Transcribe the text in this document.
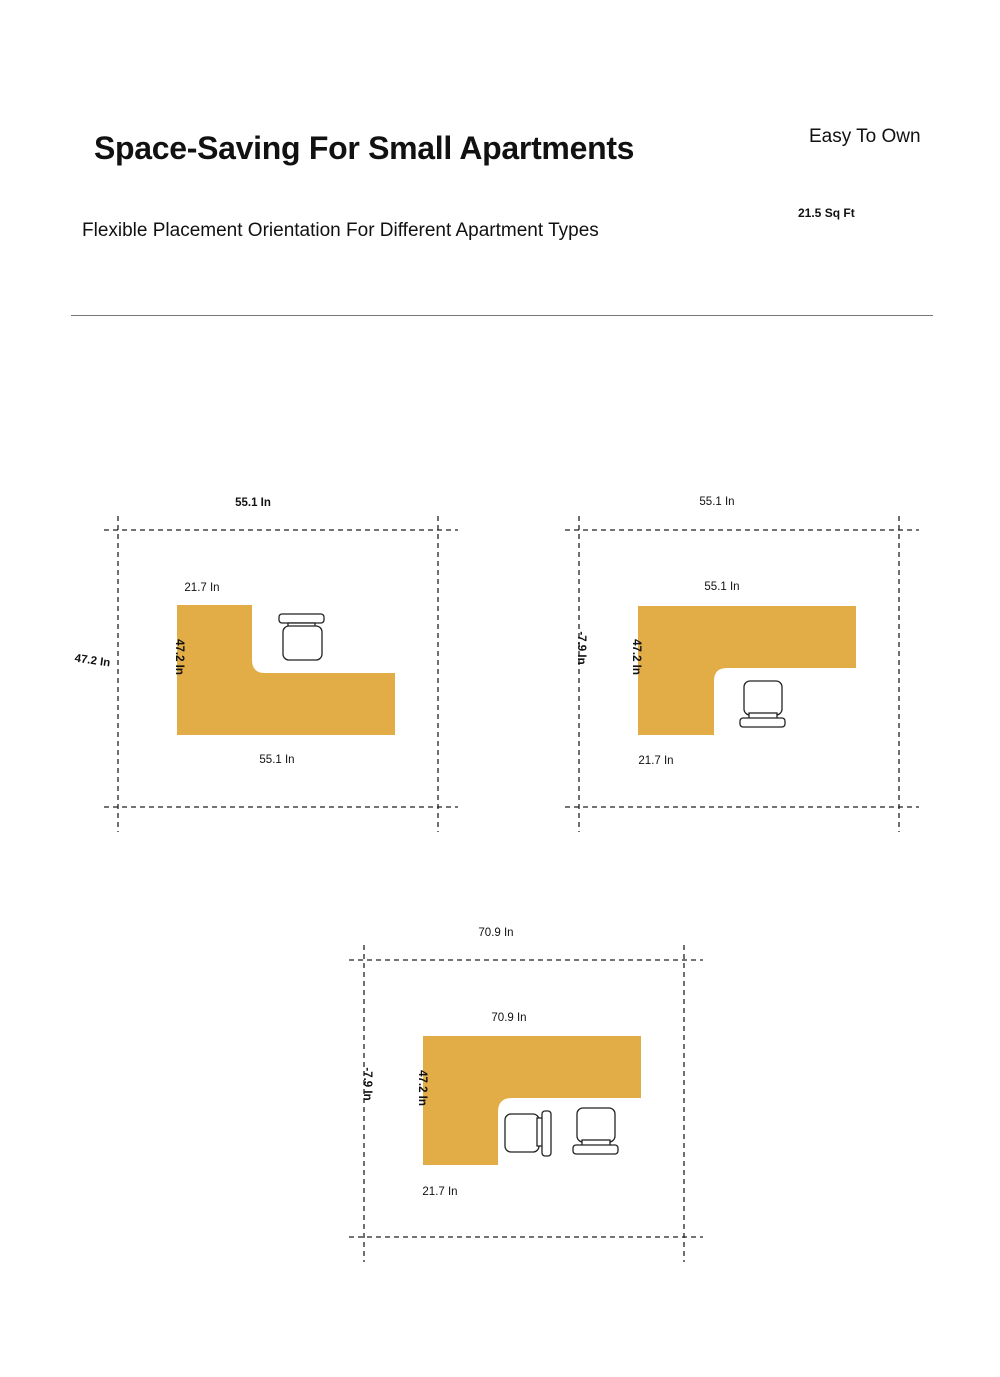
Space-Saving For Small Apartments
Flexible Placement Orientation For Different Apartment Types
Easy To Own
21.5 Sq Ft
55.1 In
47.2 In
21.7 In
47.2 In
55.1 In
55.1 In
-7.9 In
55.1 In
47.2 In
21.7 In
70.9 In
-7.9 In
70.9 In
47.2 In
21.7 In
